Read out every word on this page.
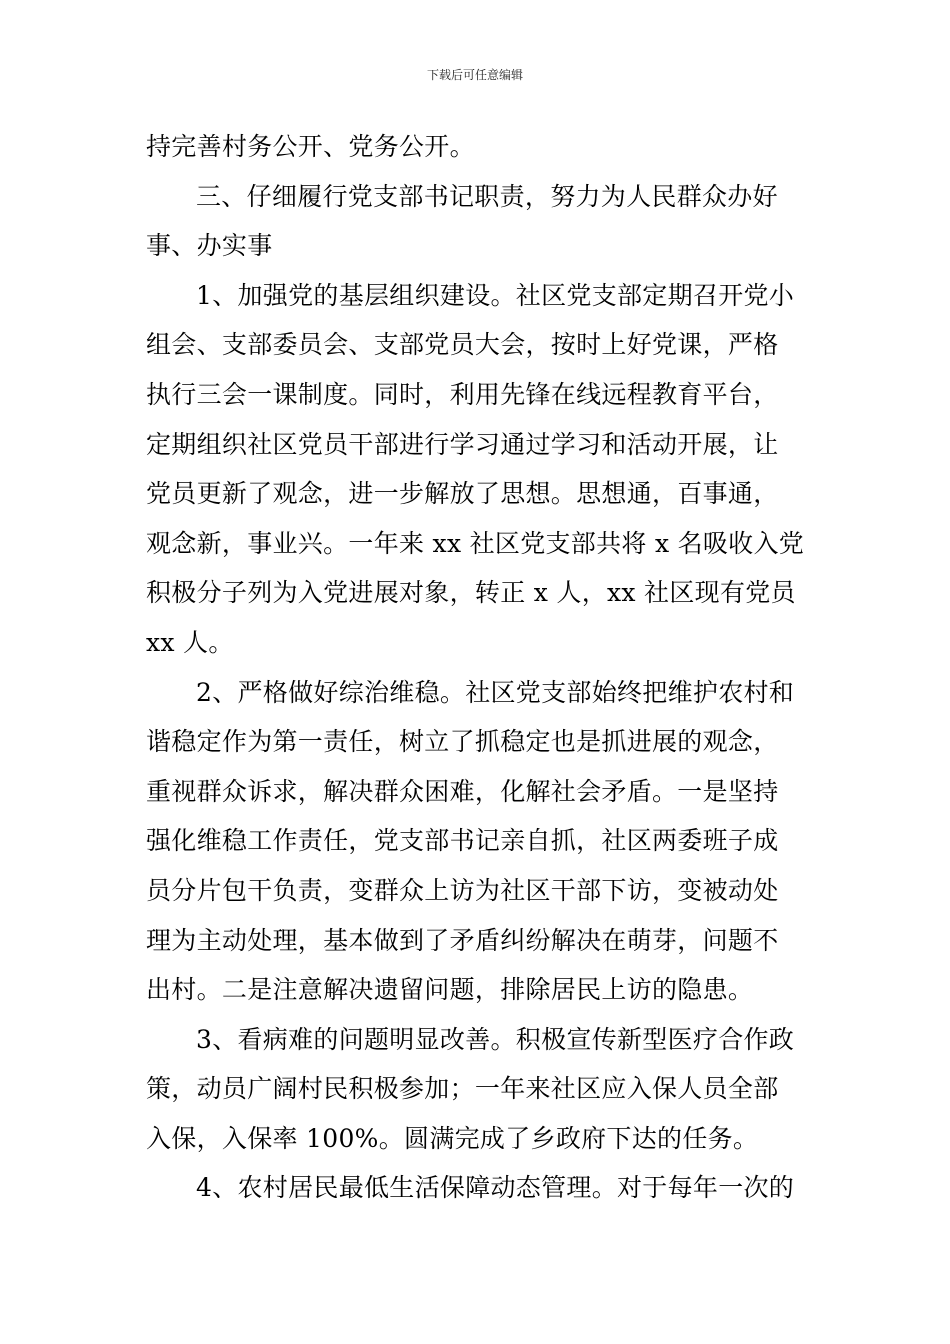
下载后可任意编辑
持完善村务公开、党务公开。
三、仔细履行党支部书记职责，努力为人民群众办好
事、办实事
1、加强党的基层组织建设。社区党支部定期召开党小
组会、支部委员会、支部党员大会，按时上好党课，严格
执行三会一课制度。同时，利用先锋在线远程教育平台，
定期组织社区党员干部进行学习通过学习和活动开展，让
党员更新了观念，进一步解放了思想。思想通，百事通，
观念新，事业兴。一年来 xx 社区党支部共将 x 名吸收入党
积极分子列为入党进展对象，转正 x 人，xx 社区现有党员
xx 人。
2、严格做好综治维稳。社区党支部始终把维护农村和
谐稳定作为第一责任，树立了抓稳定也是抓进展的观念，
重视群众诉求，解决群众困难，化解社会矛盾。一是坚持
强化维稳工作责任，党支部书记亲自抓，社区两委班子成
员分片包干负责，变群众上访为社区干部下访，变被动处
理为主动处理，基本做到了矛盾纠纷解决在萌芽，问题不
出村。二是注意解决遗留问题，排除居民上访的隐患。
3、看病难的问题明显改善。积极宣传新型医疗合作政
策，动员广阔村民积极参加；一年来社区应入保人员全部
入保，入保率 100%。圆满完成了乡政府下达的任务。
4、农村居民最低生活保障动态管理。对于每年一次的
